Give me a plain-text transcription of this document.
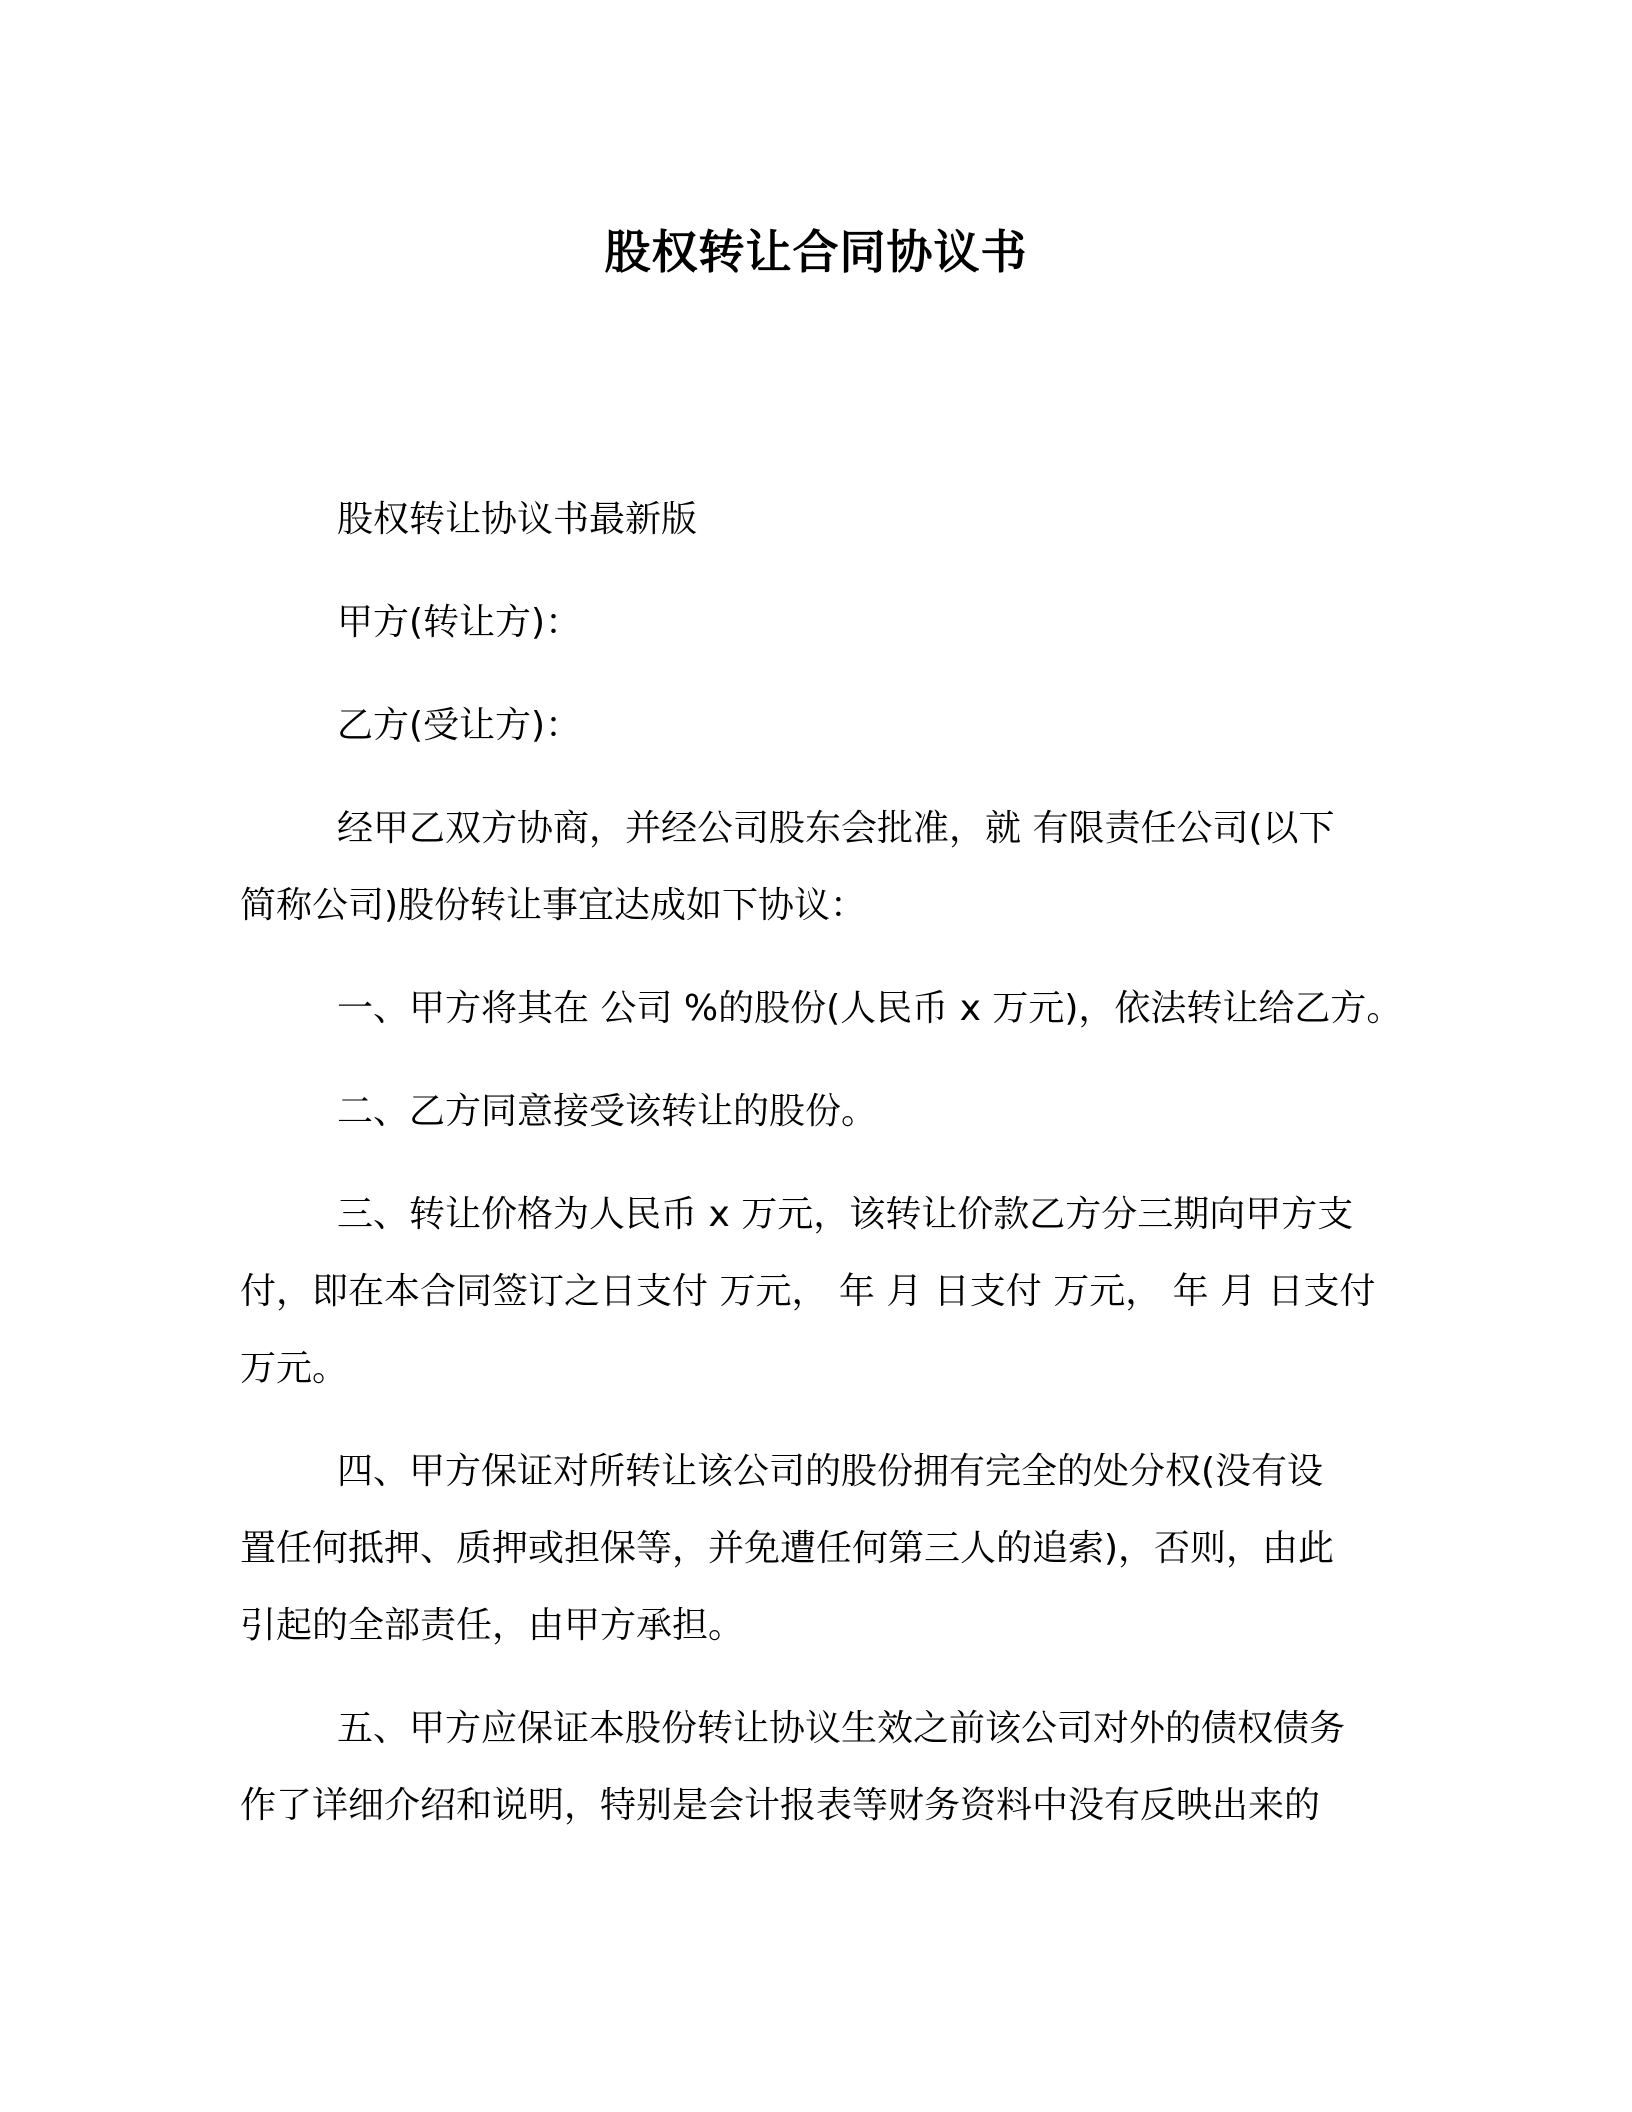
股权转让合同协议书

股权转让协议书最新版

甲方(转让方)：

乙方(受让方)：

经甲乙双方协商，并经公司股东会批准，就 有限责任公司(以下

简称公司)股份转让事宜达成如下协议：

一、甲方将其在 公司 %的股份(人民币 x 万元)，依法转让给乙方。

二、乙方同意接受该转让的股份。

三、转让价格为人民币 x 万元，该转让价款乙方分三期向甲方支

付，即在本合同签订之日支付 万元， 年 月 日支付 万元， 年 月 日支付

万元。

四、甲方保证对所转让该公司的股份拥有完全的处分权(没有设

置任何抵押、质押或担保等，并免遭任何第三人的追索)，否则，由此

引起的全部责任，由甲方承担。

五、甲方应保证本股份转让协议生效之前该公司对外的债权债务

作了详细介绍和说明，特别是会计报表等财务资料中没有反映出来的
